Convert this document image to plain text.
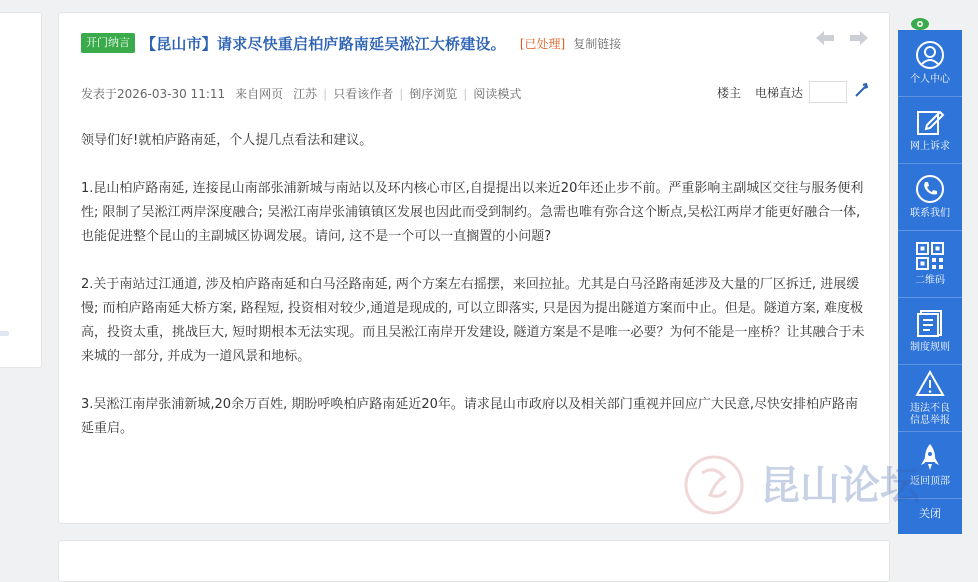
开门纳言 【昆山市】请求尽快重启柏庐路南延吴淞江大桥建设。 [已处理] 复制链接
发表于2026-03-30 11:11 来自网页 江苏 | 只看该作者 | 倒序浏览 | 阅读模式	楼主 电梯直达

领导们好!就柏庐路南延，个人提几点看法和建议。

1.昆山柏庐路南延, 连接昆山南部张浦新城与南站以及环内核心市区,自提提出以来近20年还止步不前。严重影响主副城区交往与服务便利性; 限制了吴淞江两岸深度融合; 吴淞江南岸张浦镇镇区发展也因此而受到制约。急需也唯有弥合这个断点,吴松江两岸才能更好融合一体,也能促进整个昆山的主副城区协调发展。请问, 这不是一个可以一直搁置的小问题?

2.关于南站过江通道, 涉及柏庐路南延和白马泾路南延, 两个方案左右摇摆，来回拉扯。尤其是白马泾路南延涉及大量的厂区拆迁, 进展缓慢; 而柏庐路南延大桥方案, 路程短, 投资相对较少,通道是现成的, 可以立即落实, 只是因为提出隧道方案而中止。但是。隧道方案, 难度极高，投资太重，挑战巨大, 短时期根本无法实现。而且吴淞江南岸开发建设, 隧道方案是不是唯一必要？为何不能是一座桥？让其融合于未来城的一部分, 并成为一道风景和地标。

3.吴淞江南岸张浦新城,20余万百姓, 期盼呼唤柏庐路南延近20年。请求昆山市政府以及相关部门重视并回应广大民意,尽快安排柏庐路南延重启。

个人中心
网上诉求
联系我们
二维码
制度规则
违法不良
信息举报
返回顶部
关闭
昆山论坛
